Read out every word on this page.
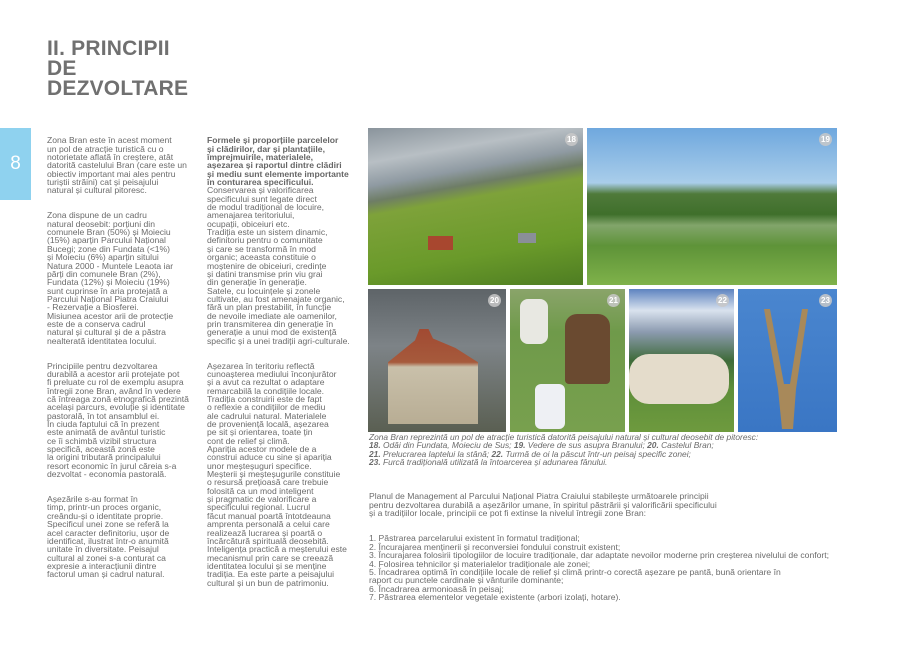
II. PRINCIPII
DE
DEZVOLTARE
8

Zona Bran este în acest moment
un pol de atracție turistică cu o
notorietate aflată în creștere, atât
datorită castelului Bran (care este un
obiectiv important mai ales pentru
turiștii străini) cat și peisajului
natural și cultural pitoresc.

Zona dispune de un cadru
natural deosebit: porțiuni din
comunele Bran (50%) și Moieciu
(15%) aparțin Parcului Național
Bucegi; zone din Fundata (<1%)
și Moieciu (6%) aparțin sitului
Natura 2000 - Muntele Leaota iar
părți din comunele Bran (2%),
Fundata (12%) și Moieciu (19%)
sunt cuprinse în aria protejată a
Parcului Național Piatra Craiului
- Rezervație a Biosferei.
Misiunea acestor arii de protecție
este de a conserva cadrul
natural și cultural și de a păstra
nealterată identitatea locului.

Principiile pentru dezvoltarea
durabilă a acestor arii protejate pot
fi preluate cu rol de exemplu asupra
întregii zone Bran, având în vedere
că întreaga zonă etnografică prezintă
același parcurs, evoluție și identitate
pastorală, în tot ansamblul ei.
În ciuda faptului că în prezent
este animată de avântul turistic
ce îi schimbă vizibil structura
specifică, această zonă este
la origini tributară principalului
resort economic în jurul căreia s-a
dezvoltat - economia pastorală.

Așezările s-au format în
timp, printr-un proces organic,
creându-și o identitate proprie.
Specificul unei zone se referă la
acel caracter definitoriu, ușor de
identificat, ilustrat într-o anumită
unitate în diversitate. Peisajul
cultural al zonei s-a conturat ca
expresie a interacțiunii dintre
factorul uman și cadrul natural.

Formele și proporțiile parcelelor
și clădirilor, dar și plantațiile,
împrejmuirile, materialele,
așezarea și raportul dintre clădiri
și mediu sunt elemente importante
în conturarea specificului.
Conservarea și valorificarea
specificului sunt legate direct
de modul tradițional de locuire,
amenajarea teritoriului,
ocupații, obiceiuri etc.
Tradiția este un sistem dinamic,
definitoriu pentru o comunitate
și care se transformă în mod
organic; aceasta constituie o
moștenire de obiceiuri, credințe
și datini transmise prin viu grai
din generație în generație.
Satele, cu locuințele și zonele
cultivate, au fost amenajate organic,
fără un plan prestabilit, în funcție
de nevoile imediate ale oamenilor,
prin transmiterea din generație în
generație a unui mod de existență
specific și a unei tradiții agri-culturale.

Așezarea în teritoriu reflectă
cunoașterea mediului înconjurător
și a avut ca rezultat o adaptare
remarcabilă la condițiile locale.
Tradiția construirii este de fapt
o reflexie a condițiilor de mediu
ale cadrului natural. Materialele
de proveniență locală, așezarea
pe sit și orientarea, toate țin
cont de relief și climă.
Apariția acestor modele de a
construi aduce cu sine și apariția
unor meșteșuguri specifice.
Meșterii și meșteșugurile constituie
o resursă prețioasă care trebuie
folosită ca un mod inteligent
și pragmatic de valorificare a
specificului regional. Lucrul
făcut manual poartă întotdeauna
amprenta personală a celui care
realizează lucrarea și poartă o
încărcătură spirituală deosebită.
Inteligența practică a meșterului este
mecanismul prin care se creează
identitatea locului și se menține
tradiția. Ea este parte a peisajului
cultural și un bun de patrimoniu.

18	19
20	21	22	23
Zona Bran reprezintă un pol de atracție turistică datorită peisajului natural și cultural deosebit de pitoresc:
18. Odăi din Fundata, Moieciu de Sus; 19. Vedere de sus asupra Branului; 20. Castelul Bran;
21. Prelucrarea laptelui la stână; 22. Turmă de oi la păscut într-un peisaj specific zonei;
23. Furcă tradițională utilizată la întoarcerea și adunarea fânului.

Planul de Management al Parcului Național Piatra Craiului stabilește următoarele principii
pentru dezvoltarea durabilă a așezărilor umane, în spiritul păstrării și valorificării specificului
și a tradițiilor locale, principii ce pot fi extinse la nivelul întregii zone Bran:

1. Păstrarea parcelarului existent în formatul tradițional;
2. Încurajarea menținerii și reconversiei fondului construit existent;
3. Încurajarea folosirii tipologiilor de locuire tradiționale, dar adaptate nevoilor moderne prin creșterea nivelului de confort;
4. Folosirea tehnicilor și materialelor tradiționale ale zonei;
5. Încadrarea optimă în condițiile locale de relief și climă printr-o corectă așezare pe pantă, bună orientare în
raport cu punctele cardinale și vânturile dominante;
6. Încadrarea armonioasă în peisaj;
7. Păstrarea elementelor vegetale existente (arbori izolați, hotare).
